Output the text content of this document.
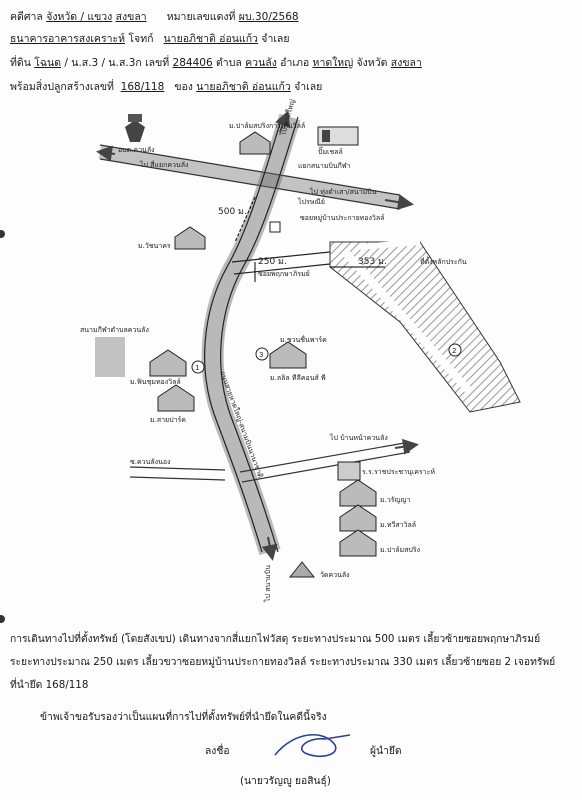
คดีศาล จังหวัด / แขวง สงขลา หมายเลขแดงที่ ผบ.30/2568
ธนาคารอาคารสงเคราะห์ โจทก์ นายอภิชาติ อ่อนแก้ว จำเลย
ที่ดิน โฉนด / น.ส.3 / น.ส.3ก เลขที่ 284406 ตำบล ควนลัง อำเภอ หาดใหญ่ จังหวัด สงขลา
พร้อมสิ่งปลูกสร้างเลขที่ 168/118 ของ นายอภิชาติ อ่อนแก้ว จำเลย
ม.ปาล์มสปริงการ์เด้นวิลล์
อบต.ควนลัง	ปั๊มเชลล์
แยกสนามบินกีฬา
ไป สี่แยกควนลัง
ไป ทุ่งตำเสา/สนามบิน
ไป หาดใหญ่
500 ม.
ไปรษณีย์
ซอยหมู่บ้านประกายทองวิลล์
ม.วัชนาคร
250 ม.
ซอยพฤกษาภิรมย์
353 ม.	ที่ตั้งหลักประกัน
2
สนามกีฬาตำบลควนลัง
1
ม.ฟินชุมทองวิลล์
3
ม.ชวนชื่นพาร์ค
ม.ลลิล ทีลีคอนส์ พี
ม.สายปาร์ค	ถนนสายหาดใหญ่-สนามบินนานาชาติ	ไป บ้านหน้าควนลัง
ซ.ควนลังนอง
ร.ร.ราชประชานุเคราะห์
ม.วรัญญา
ม.ทวีสาวิลล์
ม.ปาล์มสปริง
วัดควนลัง
ไป สนามบิน
การเดินทางไปที่ตั้งทรัพย์ (โดยสังเขป) เดินทางจากสี่แยกไฟวัสดุ ระยะทางประมาณ 500 เมตร เลี้ยวซ้ายซอยพฤกษาภิรมย์
ระยะทางประมาณ 250 เมตร เลี้ยวขวาซอยหมู่บ้านประกายทองวิลล์ ระยะทางประมาณ 330 เมตร เลี้ยวซ้ายซอย 2 เจอทรัพย์
ที่นำยึด 168/118
ข้าพเจ้าขอรับรองว่าเป็นแผนที่การไปที่ตั้งทรัพย์ที่นำยึดในคดีนี้จริง
ลงชื่อ	ผู้นำยึด
(นายวรัญญู ยอสินธุ์)
